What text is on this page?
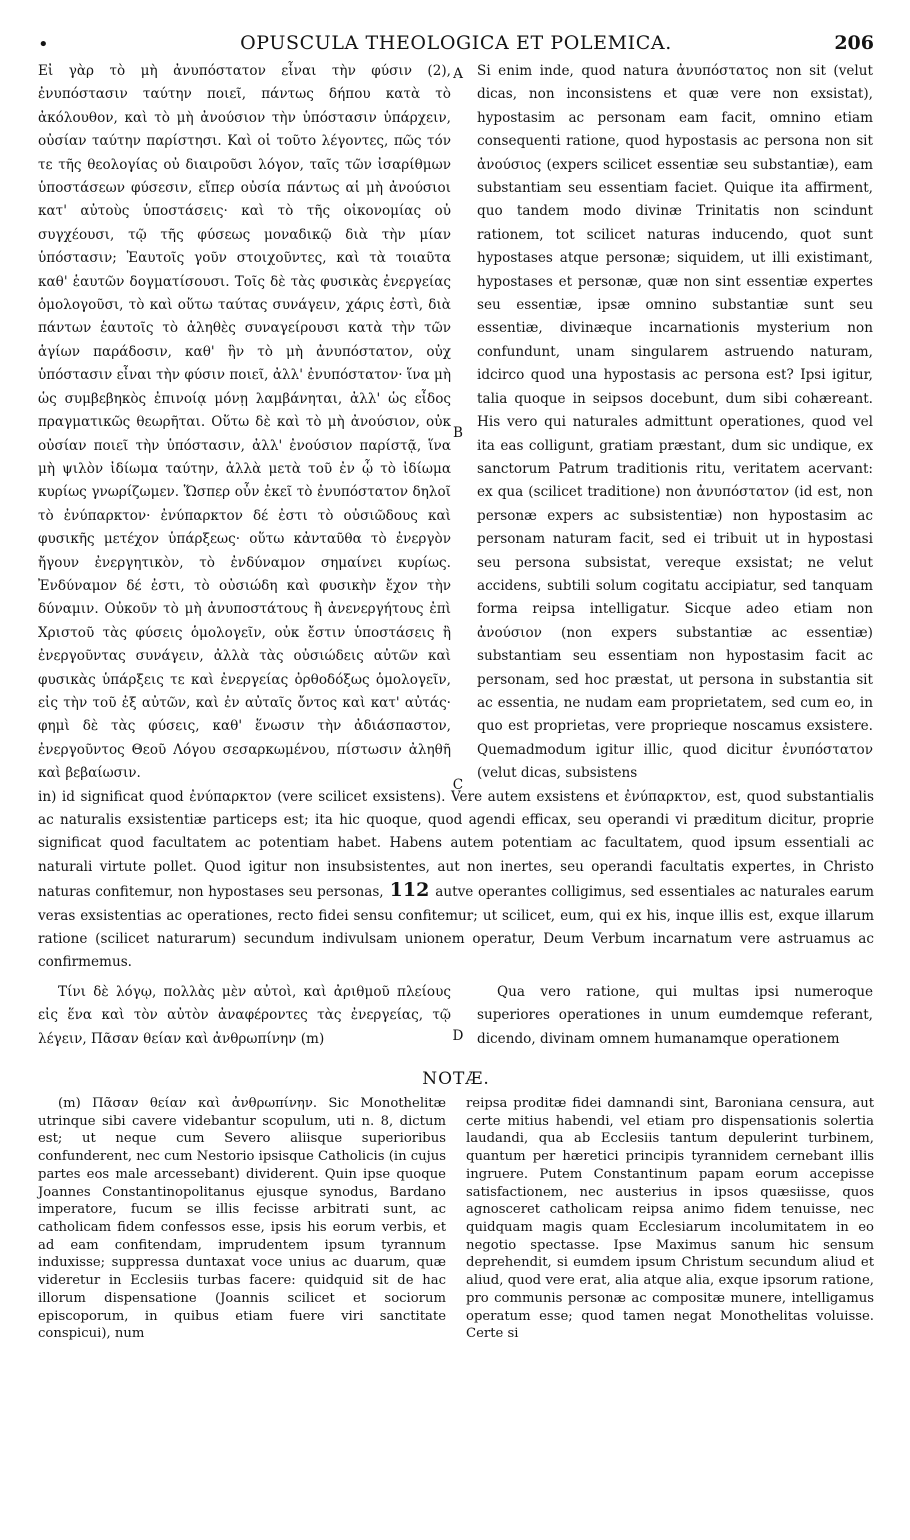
•	OPUSCULA THEOLOGICA ET POLEMICA.	206
Εἰ γὰρ τὸ μὴ ἀνυπόστατον εἶναι τὴν φύσιν (2), ἐνυπόστασιν ταύτην ποιεῖ, πάντως δήπου κατὰ τὸ ἀκόλουθον, καὶ τὸ μὴ ἀνούσιον τὴν ὑπόστασιν ὑπάρχειν, οὐσίαν ταύτην παρίστησι. Καὶ οἱ τοῦτο λέγοντες, πῶς τόν τε τῆς θεολογίας οὐ διαιροῦσι λόγον, ταῖς τῶν ἰσαρίθμων ὑποστάσεων φύσεσιν, εἴπερ οὐσία πάντως αἱ μὴ ἀνούσιοι κατ' αὐτοὺς ὑποστάσεις· καὶ τὸ τῆς οἰκονομίας οὐ συγχέουσι, τῷ τῆς φύσεως μοναδικῷ διὰ τὴν μίαν ὑπόστασιν; Ἑαυτοῖς γοῦν στοιχοῦντες, καὶ τὰ τοιαῦτα καθ' ἑαυτῶν δογματίσουσι. Τοῖς δὲ τὰς φυσικὰς ἐνεργείας ὁμολογοῦσι, τὸ καὶ οὕτω ταύτας συνάγειν, χάρις ἐστὶ, διὰ πάντων ἑαυτοῖς τὸ ἀληθὲς συναγείρουσι κατὰ τὴν τῶν ἁγίων παράδοσιν, καθ' ἣν τὸ μὴ ἀνυπόστατον, οὐχ ὑπόστασιν εἶναι τὴν φύσιν ποιεῖ, ἀλλ' ἐνυπόστατον· ἵνα μὴ ὡς συμβεβηκὸς ἐπινοίᾳ μόνῃ λαμβάνηται, ἀλλ' ὡς εἶδος πραγματικῶς θεωρῆται. Οὕτω δὲ καὶ τὸ μὴ ἀνούσιον, οὐκ οὐσίαν ποιεῖ τὴν ὑπόστασιν, ἀλλ' ἐνούσιον παρίστᾷ, ἵνα μὴ ψιλὸν ἰδίωμα ταύτην, ἀλλὰ μετὰ τοῦ ἐν ᾧ τὸ ἰδίωμα κυρίως γνωρίζωμεν. Ὥσπερ οὖν ἐκεῖ τὸ ἐνυπόστατον δηλοῖ τὸ ἐνύπαρκτον· ἐνύπαρκτον δέ ἐστι τὸ οὐσιῶδους καὶ φυσικῆς μετέχον ὑπάρξεως· οὕτω κἀνταῦθα τὸ ἐνεργὸν ἤγουν ἐνεργητικὸν, τὸ ἐνδύναμον σημαίνει κυρίως. Ἐνδύναμον δέ ἐστι, τὸ οὐσιώδη καὶ φυσικὴν ἔχον τὴν δύναμιν. Οὐκοῦν τὸ μὴ ἀνυποστάτους ἢ ἀνενεργήτους ἐπὶ Χριστοῦ τὰς φύσεις ὁμολογεῖν, οὐκ ἔστιν ὑποστάσεις ἢ ἐνεργοῦντας συνάγειν, ἀλλὰ τὰς οὐσιώδεις αὐτῶν καὶ φυσικὰς ὑπάρξεις τε καὶ ἐνεργείας ὀρθοδόξως ὁμολογεῖν, εἰς τὴν τοῦ ἐξ αὐτῶν, καὶ ἐν αὐταῖς ὄντος καὶ κατ' αὐτάς· φημὶ δὲ τὰς φύσεις, καθ' ἕνωσιν τὴν ἀδιάσπαστον, ἐνεργοῦντος Θεοῦ Λόγου σεσαρκωμένου, πίστωσιν ἀληθῆ καὶ βεβαίωσιν.
A
B
C
Si enim inde, quod natura ἀνυπόστατος non sit (velut dicas, non inconsistens et quæ vere non exsistat), hypostasim ac personam eam facit, omnino etiam consequenti ratione, quod hypostasis ac persona non sit ἀνούσιος (expers scilicet essentiæ seu substantiæ), eam substantiam seu essentiam faciet. Quique ita affirment, quo tandem modo divinæ Trinitatis non scindunt rationem, tot scilicet naturas inducendo, quot sunt hypostases atque personæ; siquidem, ut illi existimant, hypostases et personæ, quæ non sint essentiæ expertes seu essentiæ, ipsæ omnino substantiæ sunt seu essentiæ, divinæque incarnationis mysterium non confundunt, unam singularem astruendo naturam, idcirco quod una hypostasis ac persona est? Ipsi igitur, talia quoque in seipsos docebunt, dum sibi cohæreant. His vero qui naturales admittunt operationes, quod vel ita eas colligunt, gratiam præstant, dum sic undique, ex sanctorum Patrum traditionis ritu, veritatem acervant: ex qua (scilicet traditione) non ἀνυπόστατον (id est, non personæ expers ac subsistentiæ) non hypostasim ac personam naturam facit, sed ei tribuit ut in hypostasi seu persona subsistat, vereque exsistat; ne velut accidens, subtili solum cogitatu accipiatur, sed tanquam forma reipsa intelligatur. Sicque adeo etiam non ἀνούσιον (non expers substantiæ ac essentiæ) substantiam seu essentiam non hypostasim facit ac personam, sed hoc præstat, ut persona in substantia sit ac essentia, ne nudam eam proprietatem, sed cum eo, in quo est proprietas, vere proprieque noscamus exsistere. Quemadmodum igitur illic, quod dicitur ἐνυπόστατον (velut dicas, subsistens
in) id significat quod ἐνύπαρκτον (vere scilicet exsistens). Vere autem exsistens et ἐνύπαρκτον, est, quod substantialis ac naturalis exsistentiæ particeps est; ita hic quoque, quod agendi efficax, seu operandi vi præditum dicitur, proprie significat quod facultatem ac potentiam habet. Habens autem potentiam ac facultatem, quod ipsum essentiali ac naturali virtute pollet. Quod igitur non insubsistentes, aut non inertes, seu operandi facultatis expertes, in Christo naturas confitemur, non hypostases seu personas, 112 autve operantes colligimus, sed essentiales ac naturales earum veras exsistentias ac operationes, recto fidei sensu confitemur; ut scilicet, eum, qui ex his, inque illis est, exque illarum ratione (scilicet naturarum) secundum indivulsam unionem operatur, Deum Verbum incarnatum vere astruamus ac confirmemus.

Τίνι δὲ λόγῳ, πολλὰς μὲν αὐτοὶ, καὶ ἀριθμοῦ πλείους εἰς ἕνα καὶ τὸν αὐτὸν ἀναφέροντες τὰς ἐνεργείας, τῷ λέγειν, Πᾶσαν θείαν καὶ ἀνθρωπίνην (m)	D

Qua vero ratione, qui multas ipsi numeroque superiores operationes in unum eumdemque referant, dicendo, divinam omnem humanamque operationem

NOTÆ.

(m) Πᾶσαν θείαν καὶ ἀνθρωπίνην. Sic Monothelitæ utrinque sibi cavere videbantur scopulum, uti n. 8, dictum est; ut neque cum Severo aliisque superioribus confunderent, nec cum Nestorio ipsisque Catholicis (in cujus partes eos male arcessebant) dividerent. Quin ipse quoque Joannes Constantinopolitanus ejusque synodus, Bardano imperatore, fucum se illis fecisse arbitrati sunt, ac catholicam fidem confessos esse, ipsis his eorum verbis, et ad eam confitendam, imprudentem ipsum tyrannum induxisse; suppressa duntaxat voce unius ac duarum, quæ videretur in Ecclesiis turbas facere: quidquid sit de hac illorum dispensatione (Joannis scilicet et sociorum episcoporum, in quibus etiam fuere viri sanctitate conspicui), num

reipsa proditæ fidei damnandi sint, Baroniana censura, aut certe mitius habendi, vel etiam pro dispensationis solertia laudandi, qua ab Ecclesiis tantum depulerint turbinem, quantum per hæretici principis tyrannidem cernebant illis ingruere. Putem Constantinum papam eorum accepisse satisfactionem, nec austerius in ipsos quæsiisse, quos agnosceret catholicam reipsa animo fidem tenuisse, nec quidquam magis quam Ecclesiarum incolumitatem in eo negotio spectasse. Ipse Maximus sanum hic sensum deprehendit, si eumdem ipsum Christum secundum aliud et aliud, quod vere erat, alia atque alia, exque ipsorum ratione, pro communis personæ ac compositæ munere, intelligamus operatum esse; quod tamen negat Monothelitas voluisse. Certe si
